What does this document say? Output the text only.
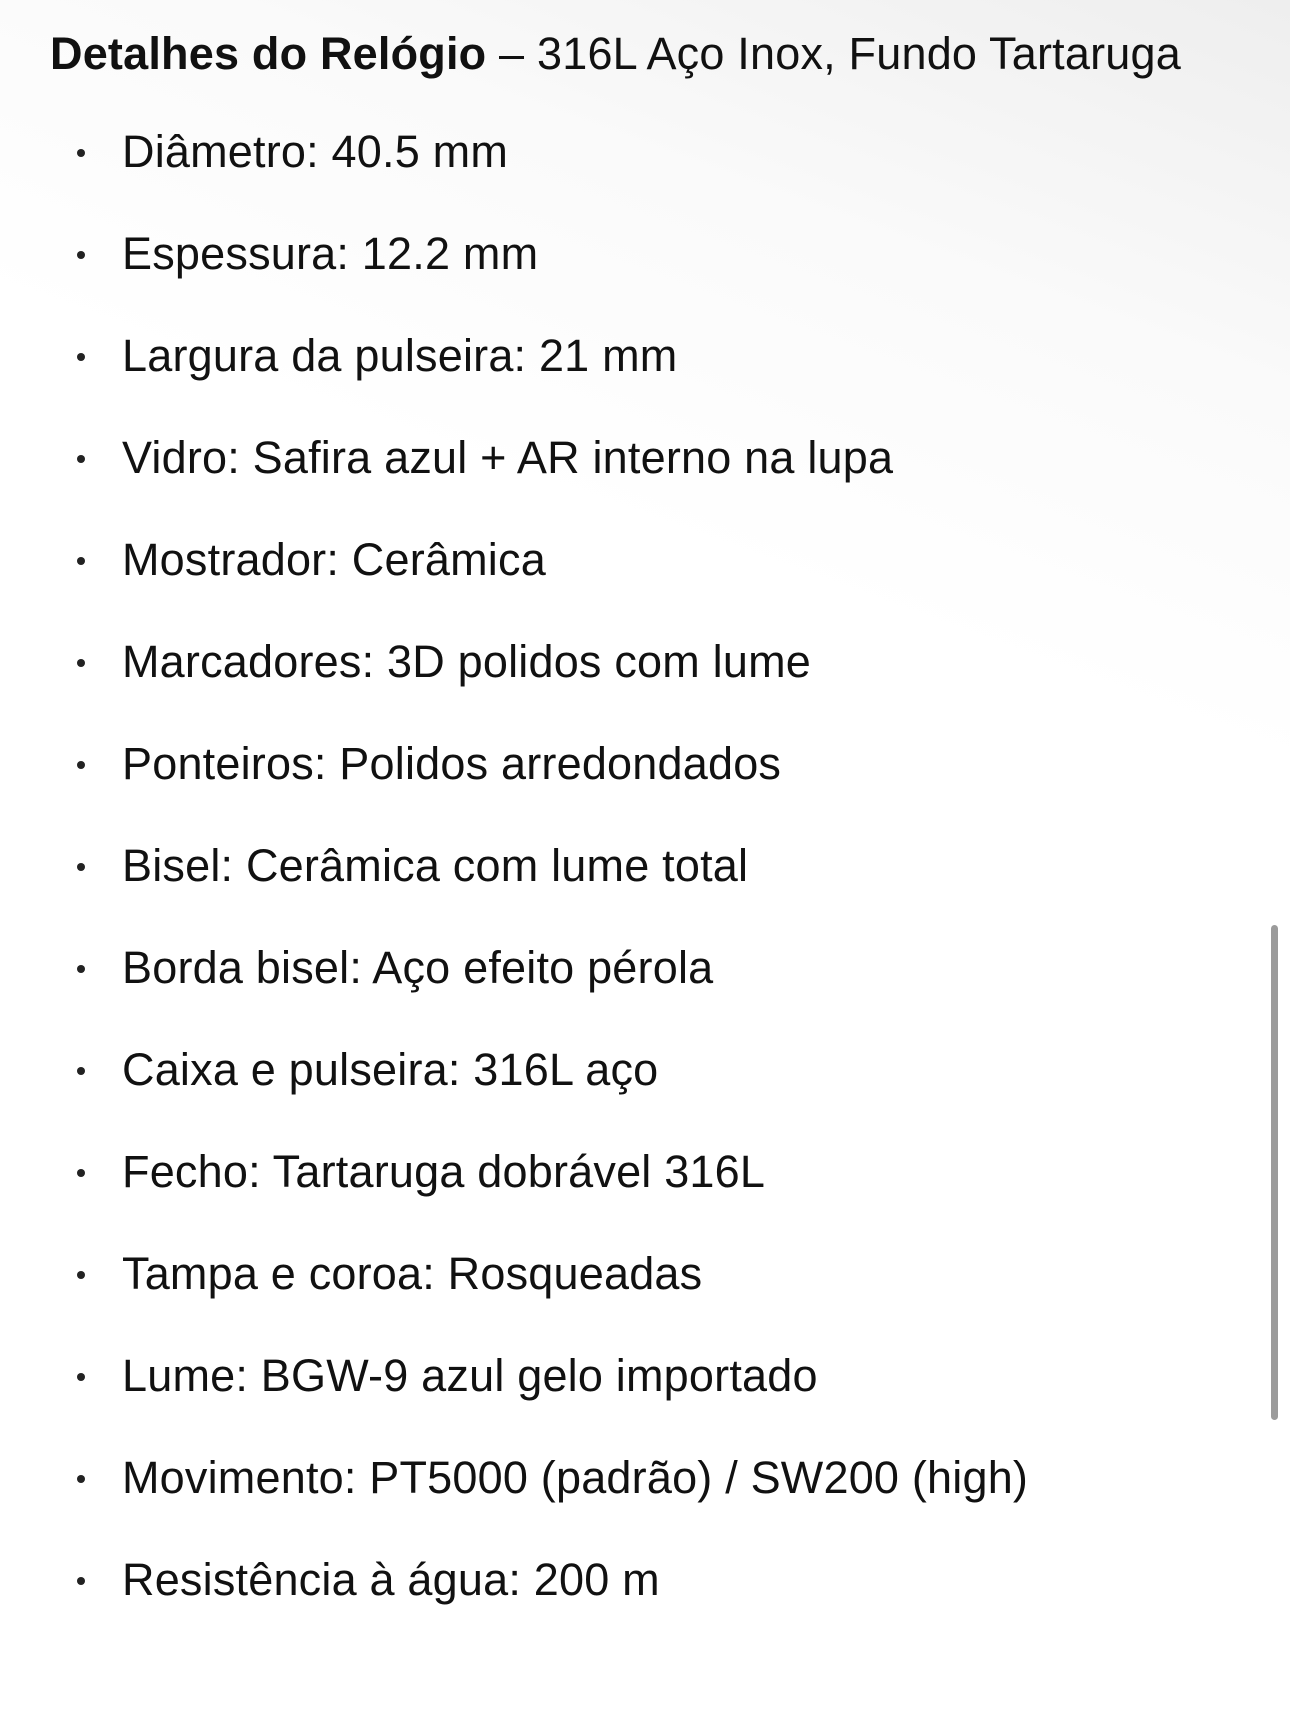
Detalhes do Relógio – 316L Aço Inox, Fundo Tartaruga

Diâmetro: 40.5 mm
Espessura: 12.2 mm
Largura da pulseira: 21 mm
Vidro: Safira azul + AR interno na lupa
Mostrador: Cerâmica
Marcadores: 3D polidos com lume
Ponteiros: Polidos arredondados
Bisel: Cerâmica com lume total
Borda bisel: Aço efeito pérola
Caixa e pulseira: 316L aço
Fecho: Tartaruga dobrável 316L
Tampa e coroa: Rosqueadas
Lume: BGW-9 azul gelo importado
Movimento: PT5000 (padrão) / SW200 (high)
Resistência à água: 200 m
